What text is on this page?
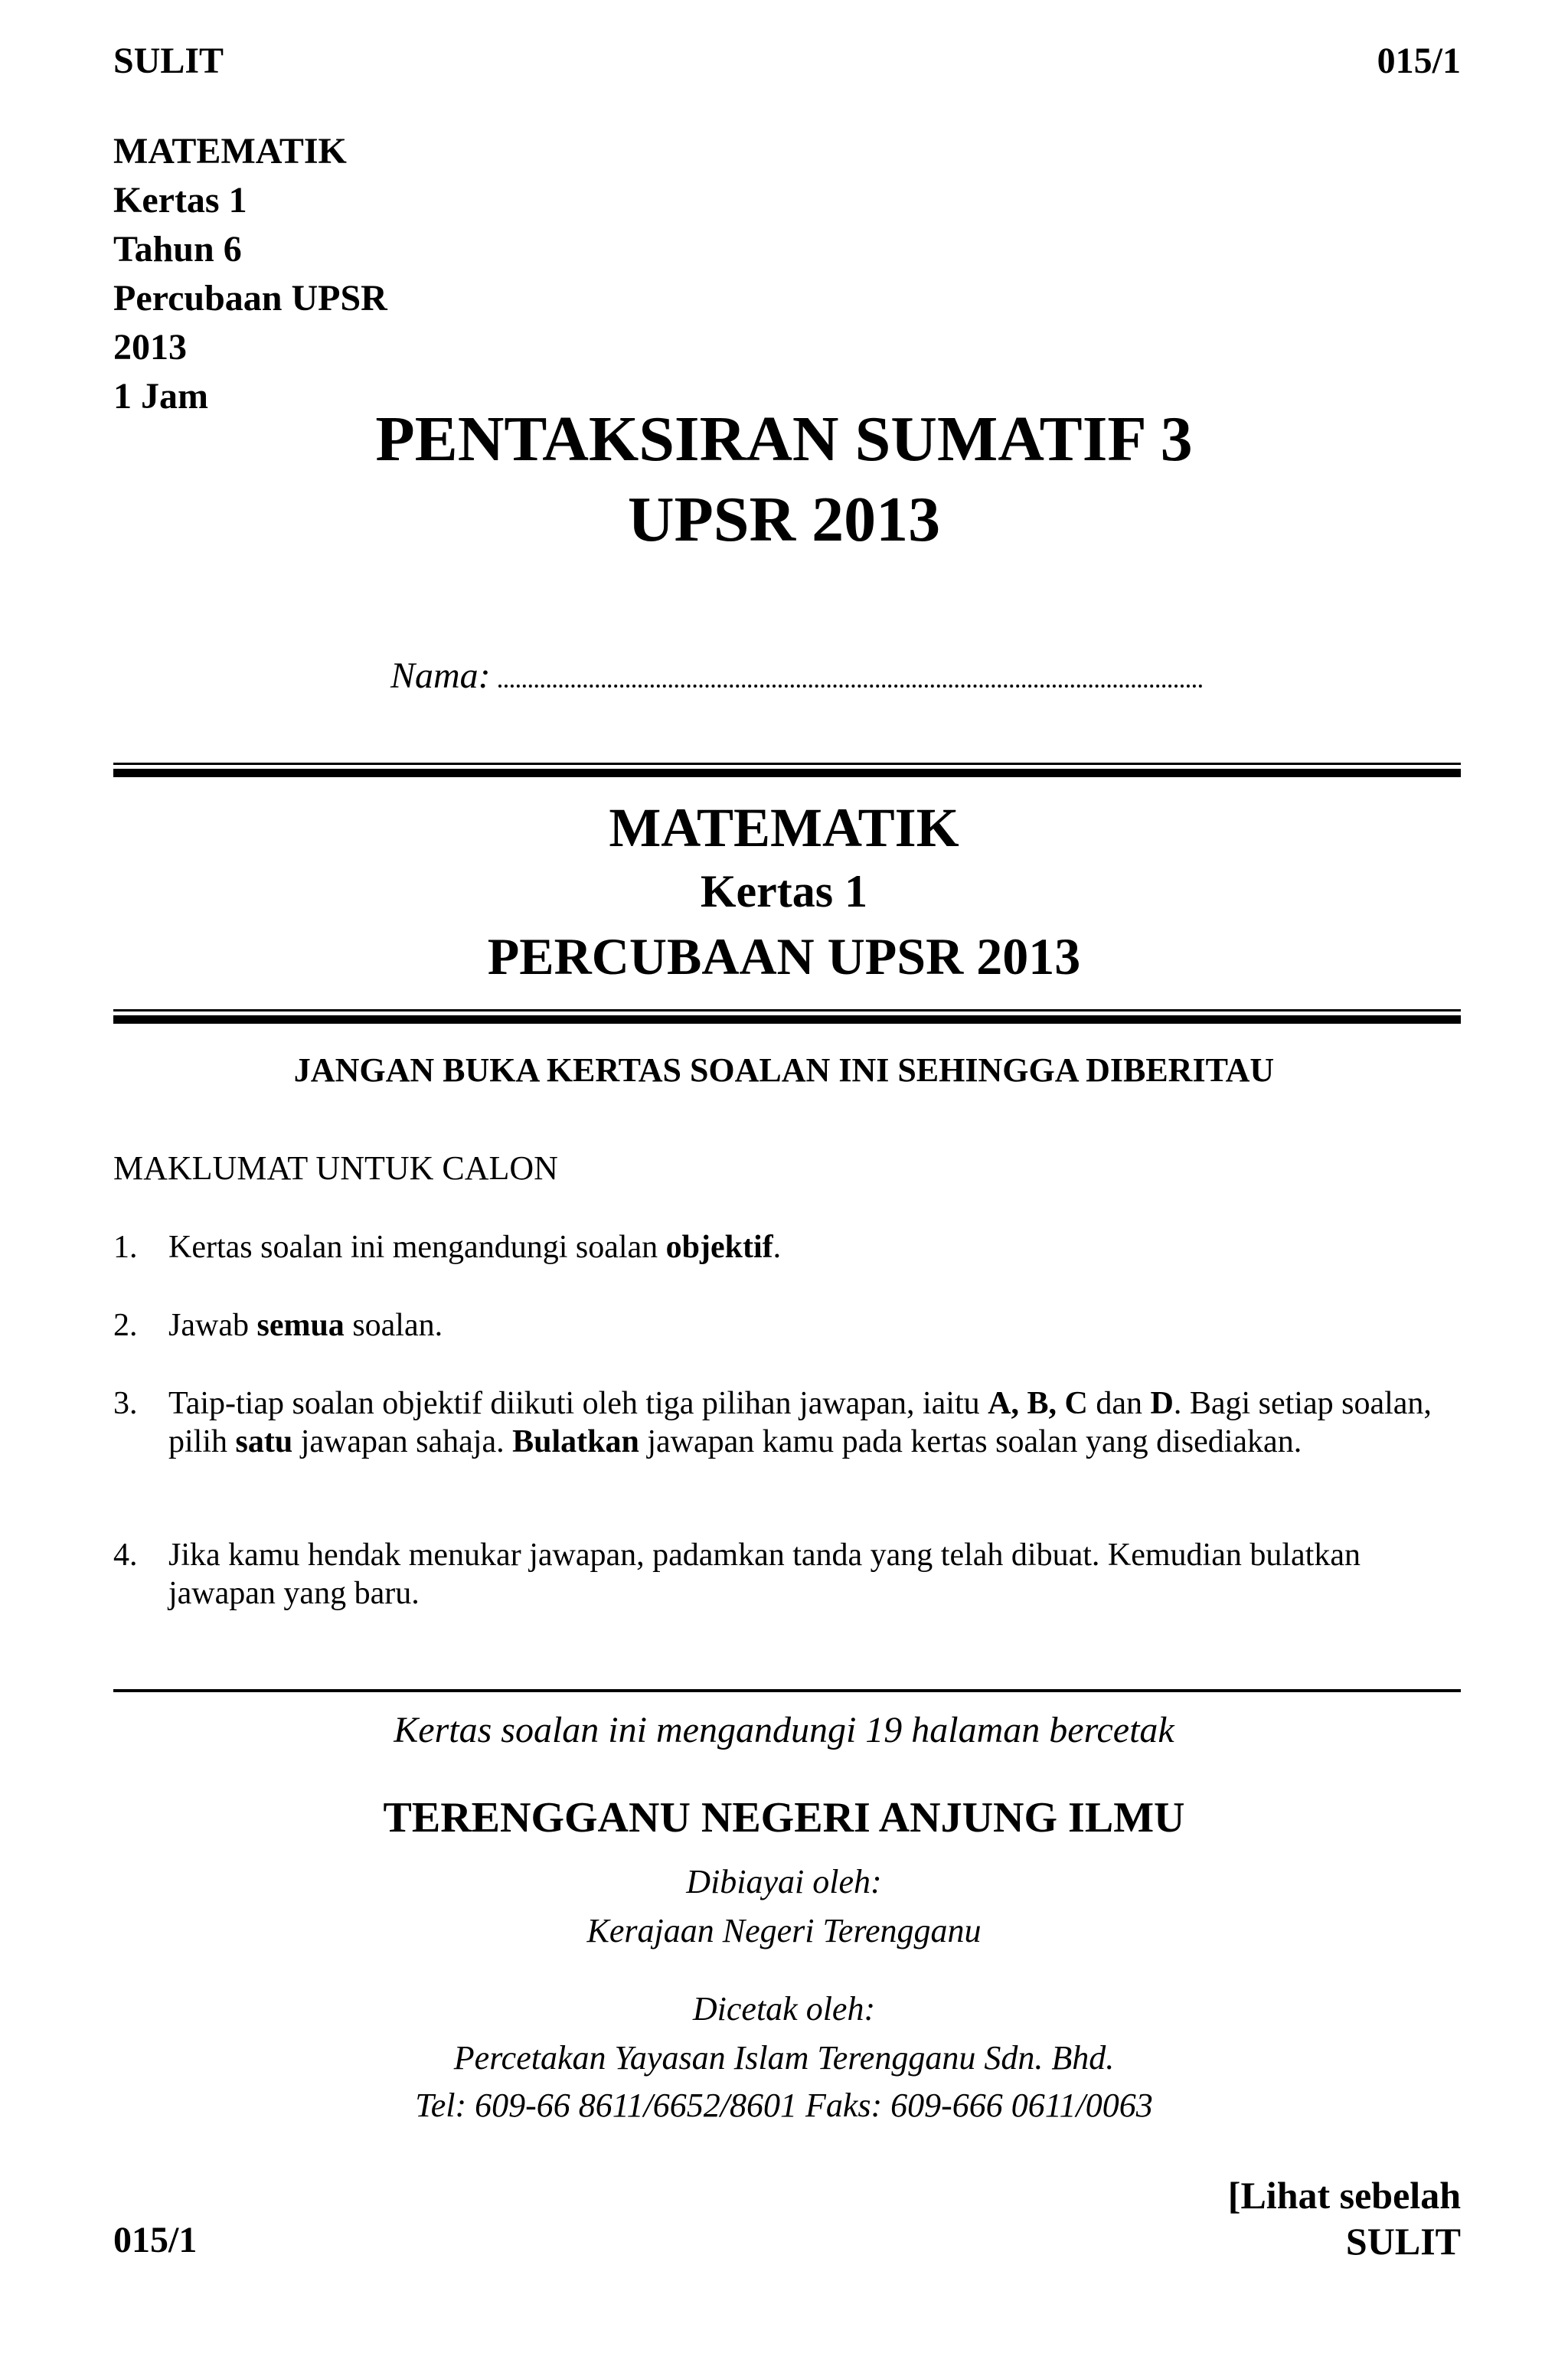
SULIT	015/1
MATEMATIK
Kertas 1
Tahun 6
Percubaan UPSR
2013
1 Jam
PENTAKSIRAN SUMATIF 3
UPSR 2013
Nama:
MATEMATIK
Kertas 1
PERCUBAAN UPSR 2013
JANGAN BUKA KERTAS SOALAN INI SEHINGGA DIBERITAU
MAKLUMAT UNTUK CALON
1. Kertas soalan ini mengandungi soalan objektif.
2. Jawab semua soalan.
3. Taip-tiap soalan objektif diikuti oleh tiga pilihan jawapan, iaitu A, B, C dan D. Bagi setiap soalan, pilih satu jawapan sahaja. Bulatkan jawapan kamu pada kertas soalan yang disediakan.
4. Jika kamu hendak menukar jawapan, padamkan tanda yang telah dibuat. Kemudian bulatkan jawapan yang baru.
Kertas soalan ini mengandungi 19 halaman bercetak
TERENGGANU NEGERI ANJUNG ILMU
Dibiayai oleh:
Kerajaan Negeri Terengganu
Dicetak oleh:
Percetakan Yayasan Islam Terengganu Sdn. Bhd.
Tel: 609-66 8611/6652/8601 Faks: 609-666 0611/0063
[Lihat sebelah
015/1	SULIT
